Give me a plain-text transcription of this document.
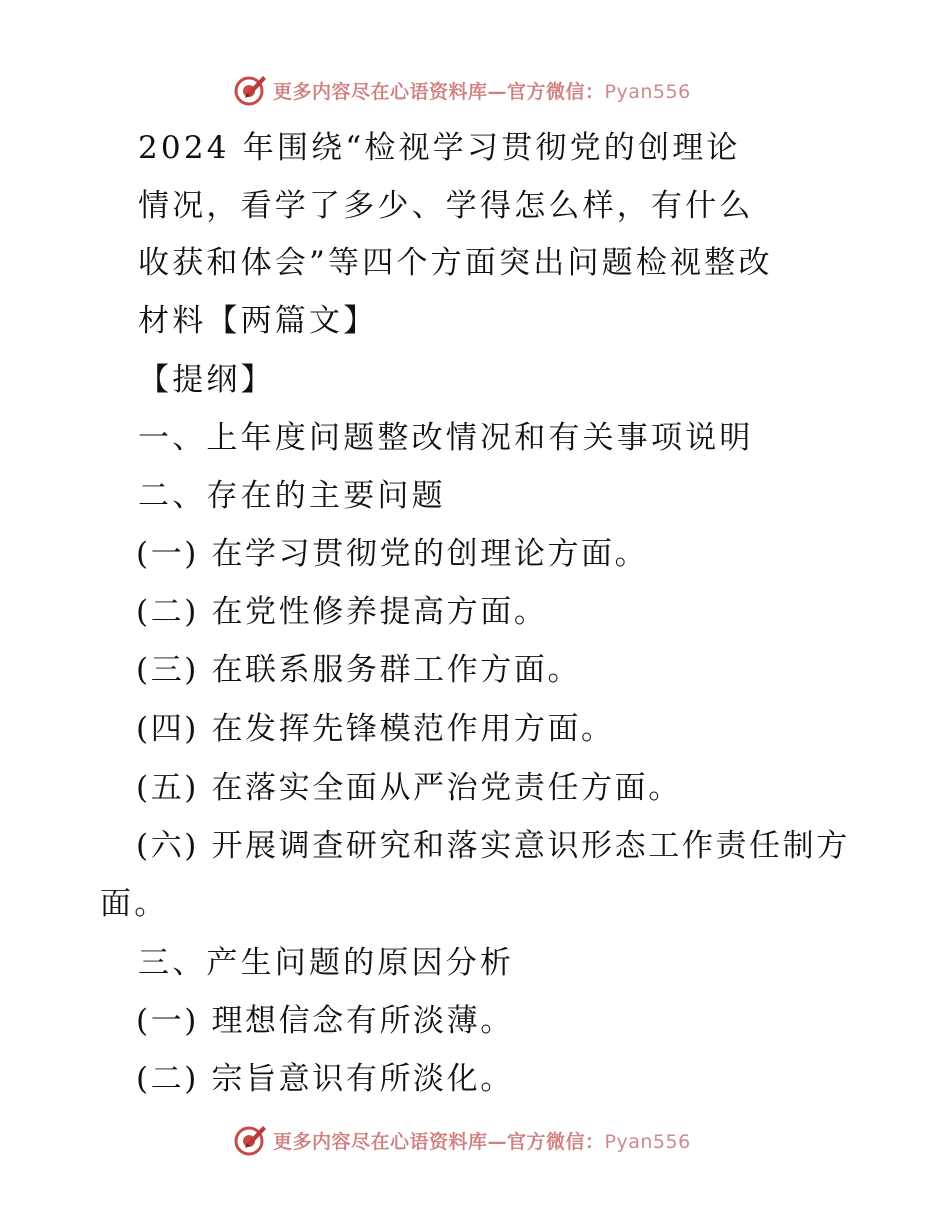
更多内容尽在心语资料库—官方微信：Pyan556
2024 年围绕“检视学习贯彻党的创理论
情况，看学了多少、学得怎么样，有什么
收获和体会”等四个方面突出问题检视整改
材料【两篇文】
【提纲】
一、上年度问题整改情况和有关事项说明
二、存在的主要问题
(一) 在学习贯彻党的创理论方面。
(二) 在党性修养提高方面。
(三) 在联系服务群工作方面。
(四) 在发挥先锋模范作用方面。
(五) 在落实全面从严治党责任方面。
(六) 开展调查研究和落实意识形态工作责任制方
面。
三、产生问题的原因分析
(一) 理想信念有所淡薄。
(二) 宗旨意识有所淡化。
更多内容尽在心语资料库—官方微信：Pyan556
